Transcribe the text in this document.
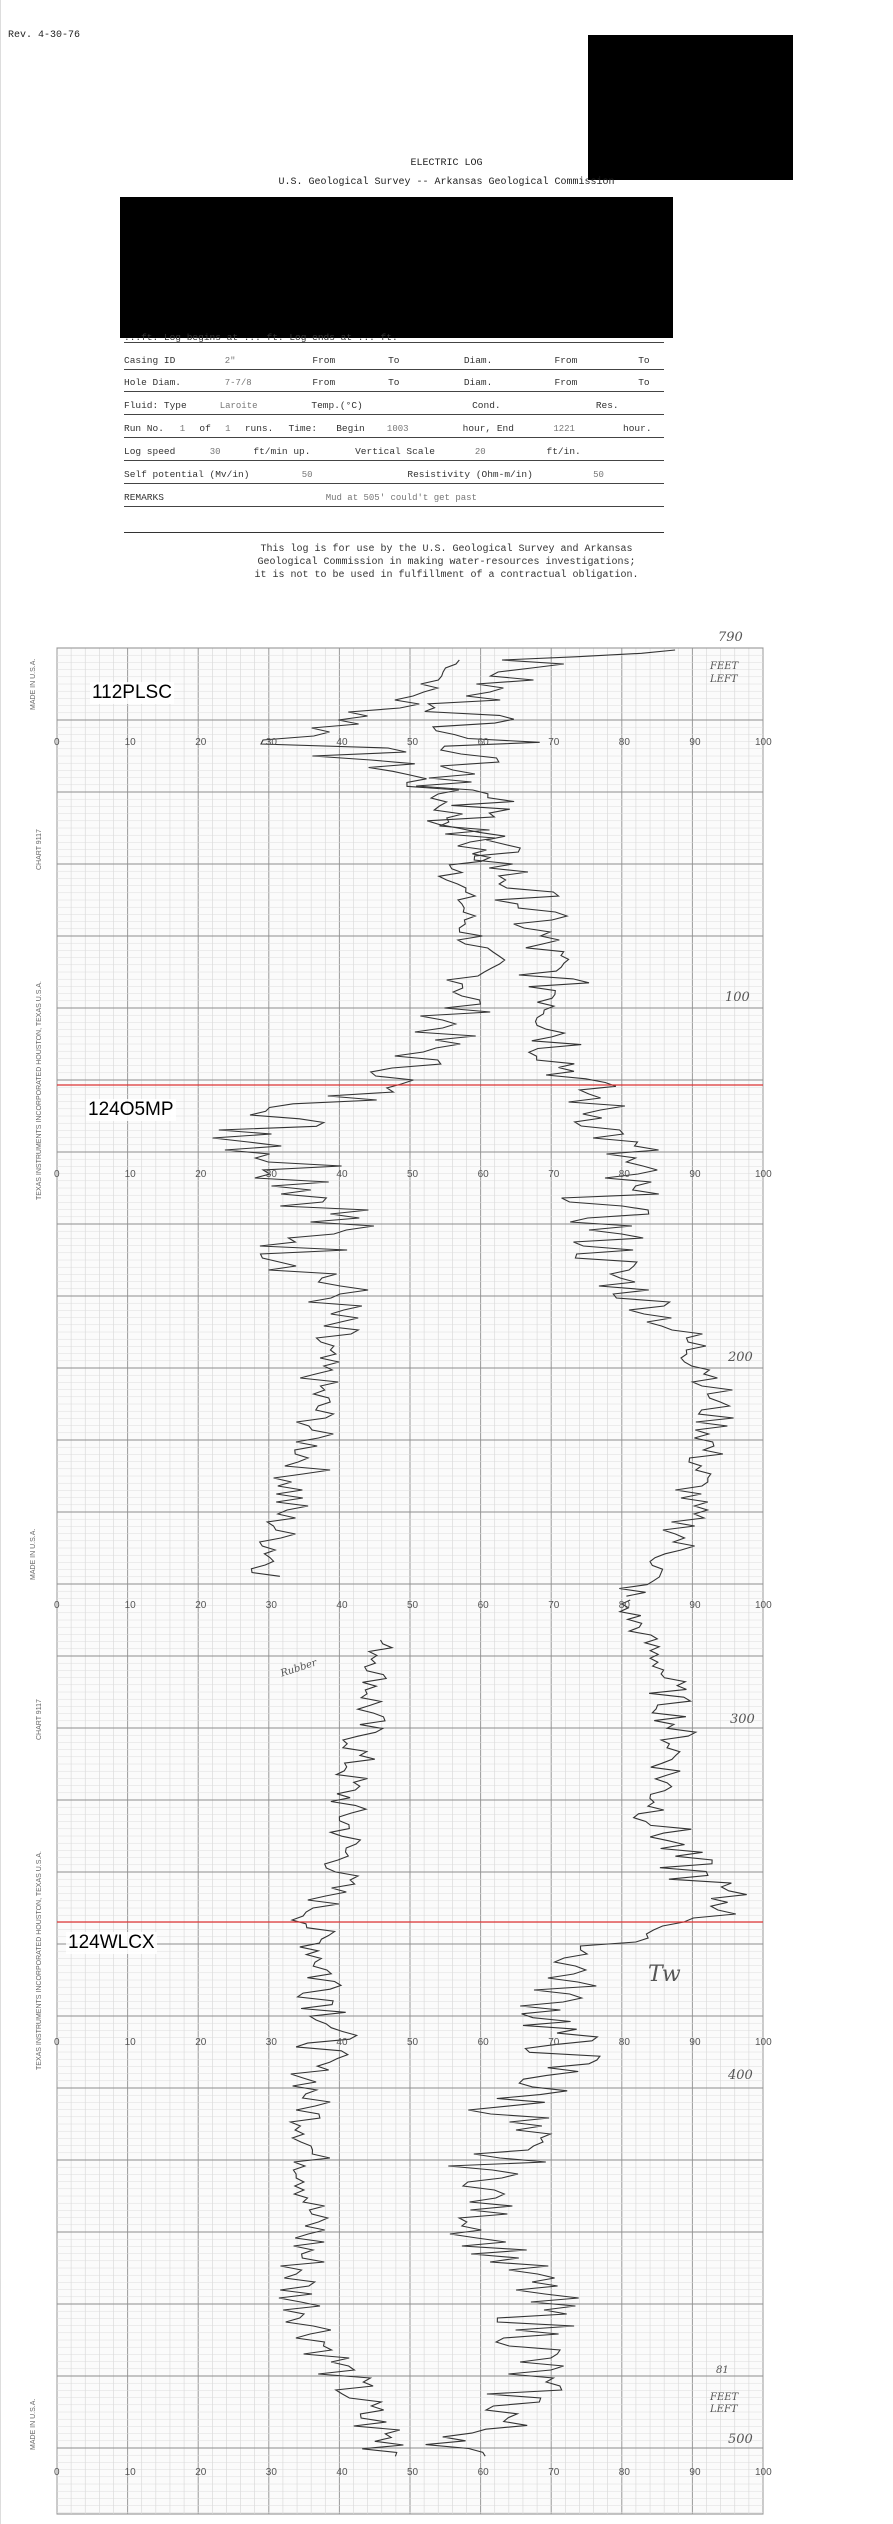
Rev. 4-30-76
ELECTRIC LOG
U.S. Geological Survey -- Arkansas Geological Commission
...ft. Log begins at ... ft. Log ends at ... ft.
Casing ID	2"	From	To	Diam.	From	To
Hole Diam.	7-7/8	From	To	Diam.	From	To
Fluid: Type	Laroite	Temp.(°C)	Cond.	Res.
Run No. 1 of 1 runs. Time: Begin 1003	hour, End	1221	hour.
Log speed	30	ft/min up.	Vertical Scale	20	ft/in.
Self potential (Mv/in)	50	Resistivity (Ohm-m/in)	50
REMARKS	Mud at 505' could't get past
This log is for use by the U.S. Geological Survey and Arkansas
Geological Commission in making water-resources investigations;
it is not to be used in fulfillment of a contractual obligation.
0	10	20	30	40	50	60	70	80	90	100
0	10	20	30	40	50	60	70	80	90	100
0	10	20	30	40	50	60	70	80	90	100
0	10	20	30	40	50	60	70	80	90	100
0	10	20	30	40	50	60	70	80	90	100
MADE IN U.S.A.
CHART 9117
TEXAS INSTRUMENTS INCORPORATED HOUSTON, TEXAS U.S.A.
MADE IN U.S.A.
CHART 9117
TEXAS INSTRUMENTS INCORPORATED HOUSTON, TEXAS U.S.A.
MADE IN U.S.A.
112PLSC
124O5MP
124WLCX
790
FEET
LEFT
100
200
300
400
500
Rubber
Tw
81
FEET
LEFT
